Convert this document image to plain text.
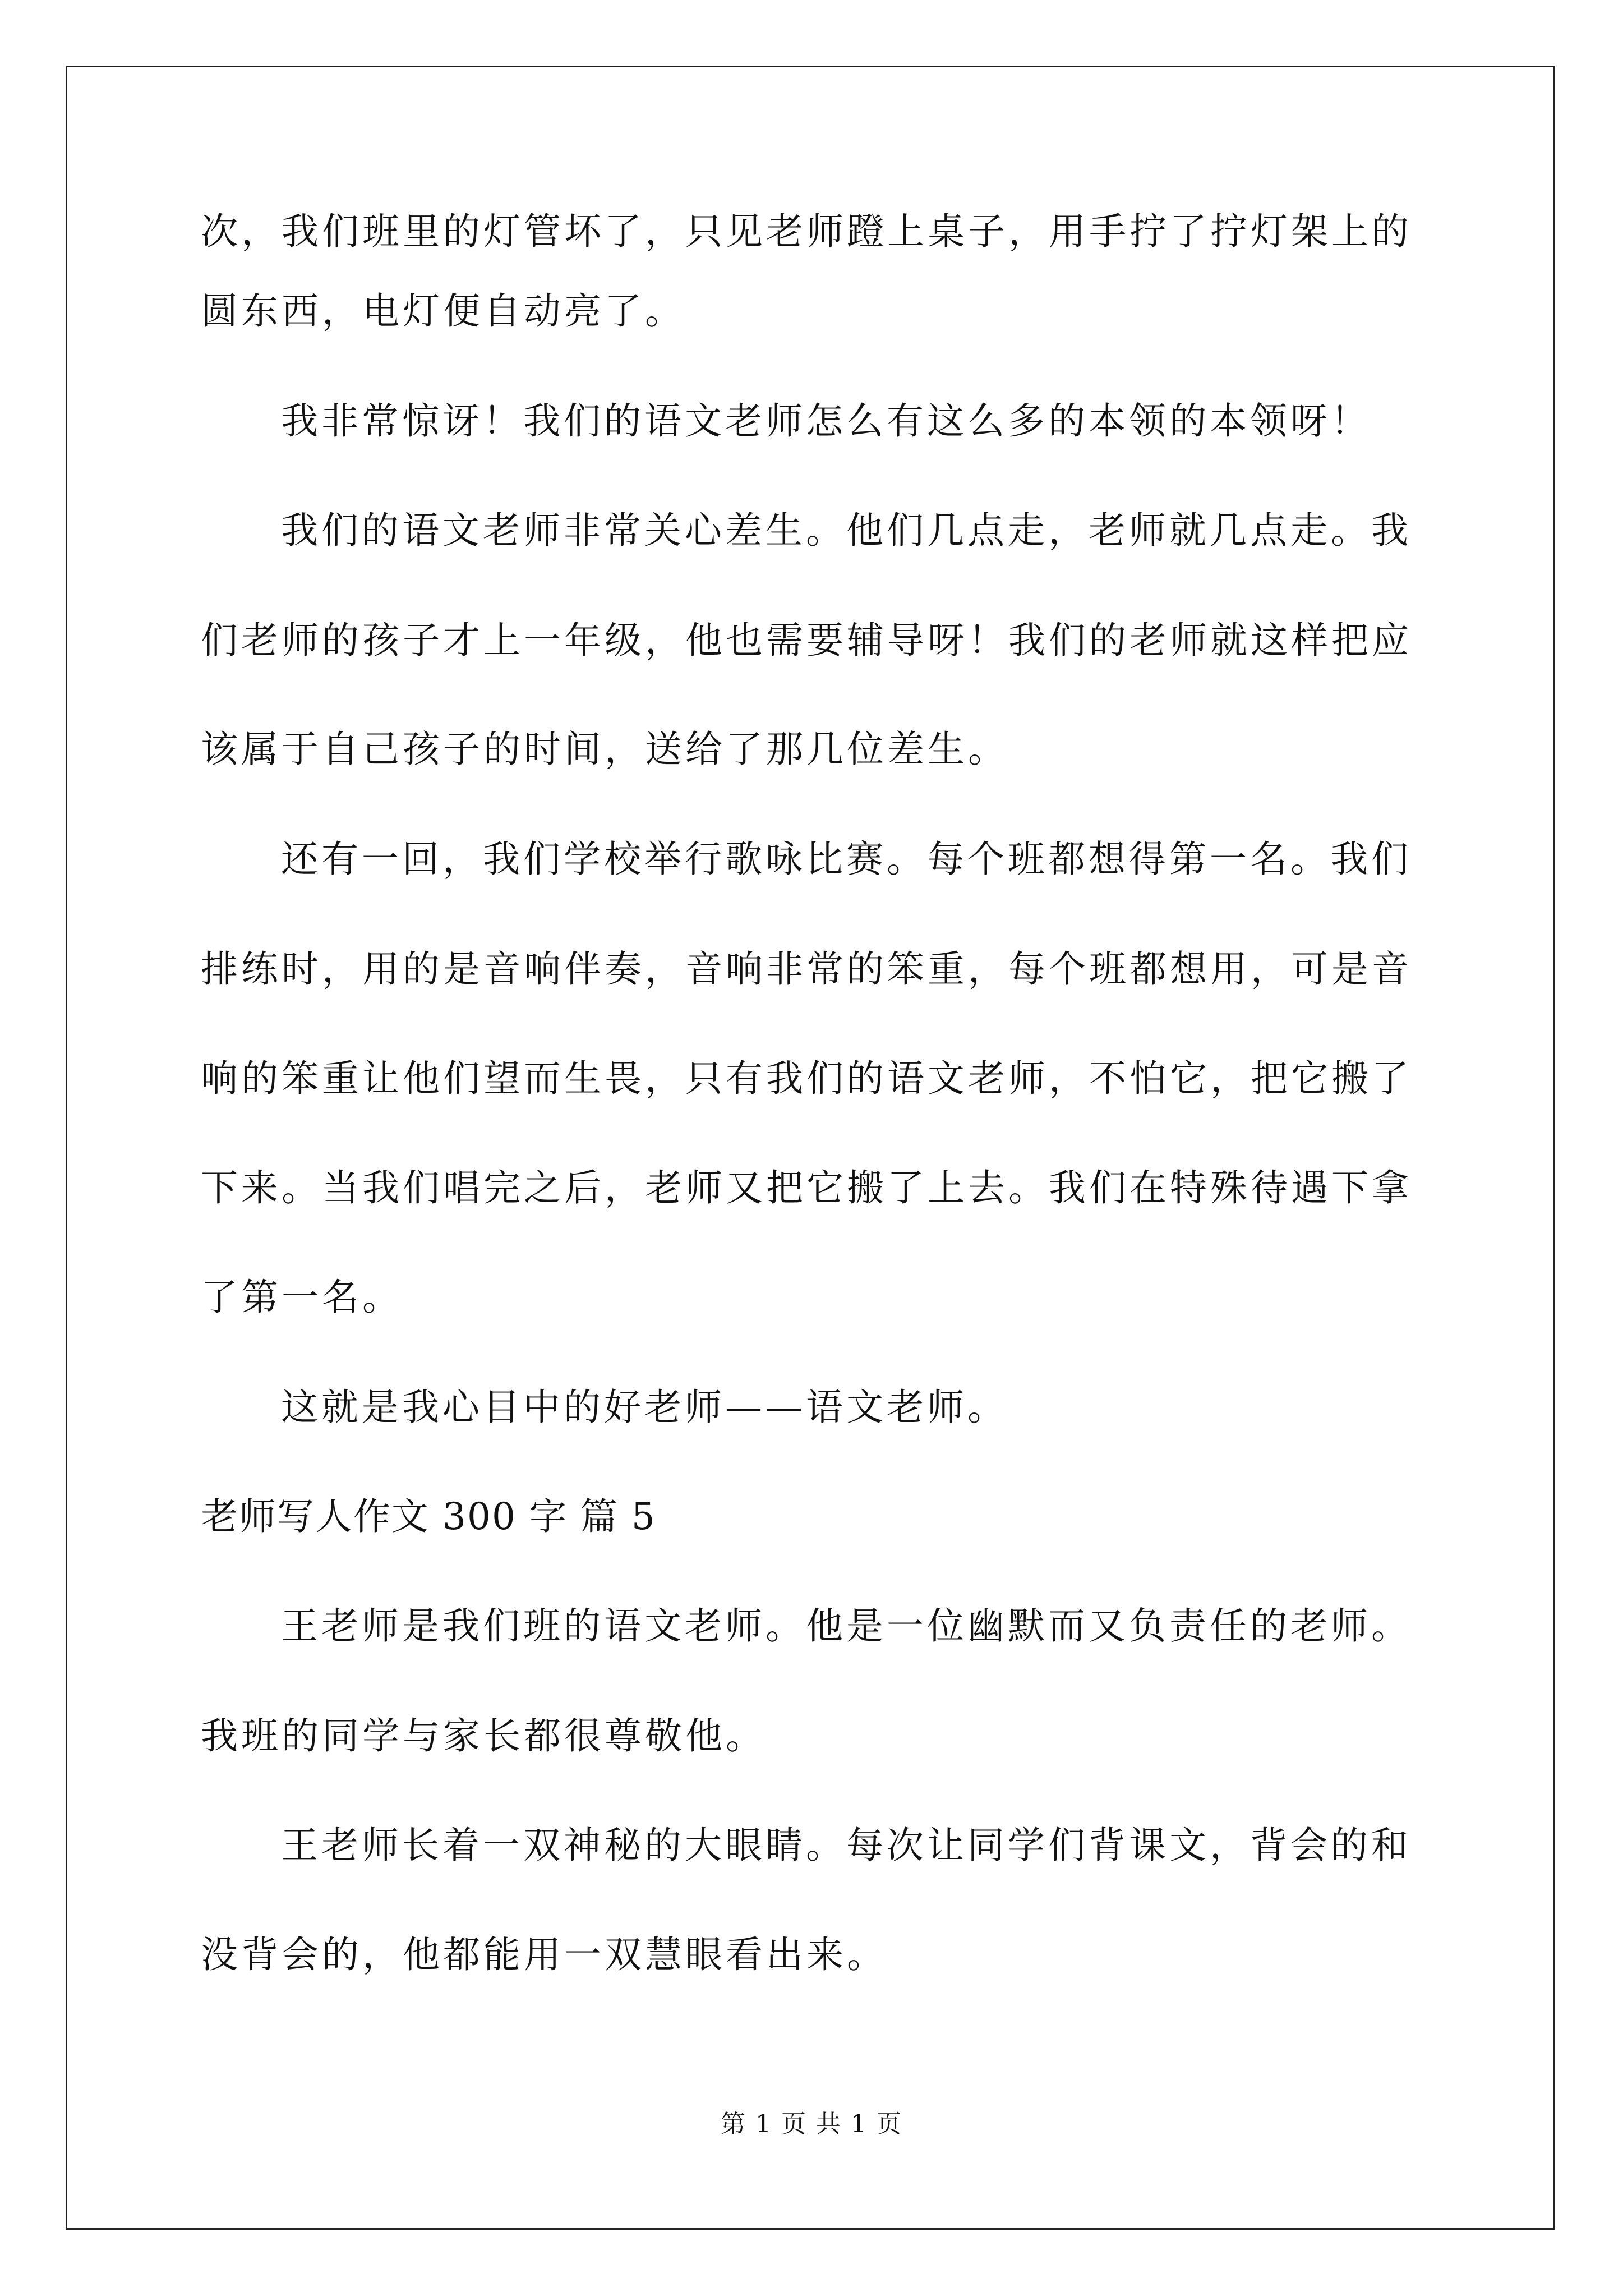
次，我们班里的灯管坏了，只见老师蹬上桌子，用手拧了拧灯架上的
圆东西，电灯便自动亮了。
我非常惊讶！我们的语文老师怎么有这么多的本领的本领呀！
我们的语文老师非常关心差生。他们几点走，老师就几点走。我
们老师的孩子才上一年级，他也需要辅导呀！我们的老师就这样把应
该属于自己孩子的时间，送给了那几位差生。
还有一回，我们学校举行歌咏比赛。每个班都想得第一名。我们
排练时，用的是音响伴奏，音响非常的笨重，每个班都想用，可是音
响的笨重让他们望而生畏，只有我们的语文老师，不怕它，把它搬了
下来。当我们唱完之后，老师又把它搬了上去。我们在特殊待遇下拿
了第一名。
这就是我心目中的好老师——语文老师。
老师写人作文 300 字 篇 5
王老师是我们班的语文老师。他是一位幽默而又负责任的老师。
我班的同学与家长都很尊敬他。
王老师长着一双神秘的大眼睛。每次让同学们背课文，背会的和
没背会的，他都能用一双慧眼看出来。
第 1 页 共 1 页
